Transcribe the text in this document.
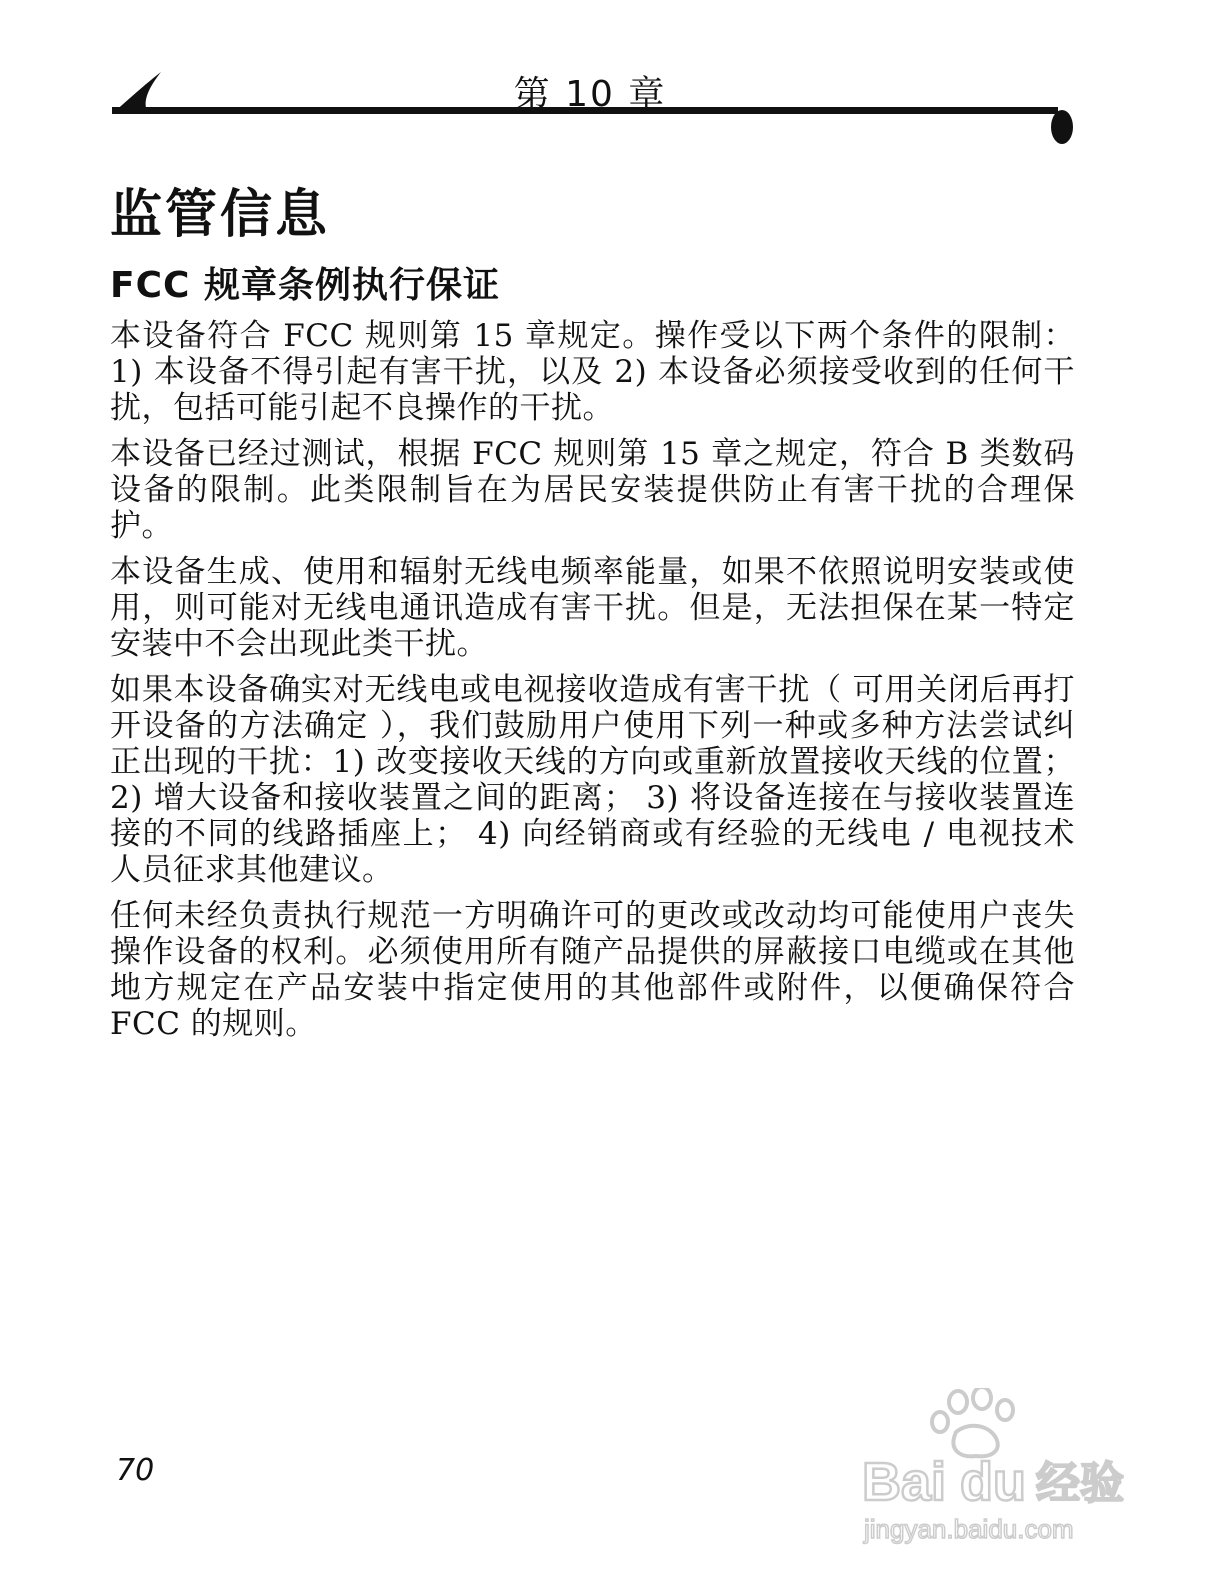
第 10 章
监管信息
FCC 规章条例执行保证

本设备符合 FCC 规则第 15 章规定。操作受以下两个条件的限制：1) 本设备不得引起有害干扰，以及 2) 本设备必须接受收到的任何干扰，包括可能引起不良操作的干扰。

本设备已经过测试，根据 FCC 规则第 15 章之规定，符合 B 类数码设备的限制。此类限制旨在为居民安装提供防止有害干扰的合理保护。

本设备生成、使用和辐射无线电频率能量，如果不依照说明安装或使用，则可能对无线电通讯造成有害干扰。但是，无法担保在某一特定安装中不会出现此类干扰。

如果本设备确实对无线电或电视接收造成有害干扰（ 可用关闭后再打开设备的方法确定 ），我们鼓励用户使用下列一种或多种方法尝试纠正出现的干扰：1) 改变接收天线的方向或重新放置接收天线的位置； 2) 增大设备和接收装置之间的距离； 3) 将设备连接在与接收装置连接的不同的线路插座上； 4) 向经销商或有经验的无线电 / 电视技术人员征求其他建议。

任何未经负责执行规范一方明确许可的更改或改动均可能使用户丧失操作设备的权利。必须使用所有随产品提供的屏蔽接口电缆或在其他地方规定在产品安装中指定使用的其他部件或附件，以便确保符合 FCC 的规则。

70	Bai du 经验
jingyan.baidu.com
